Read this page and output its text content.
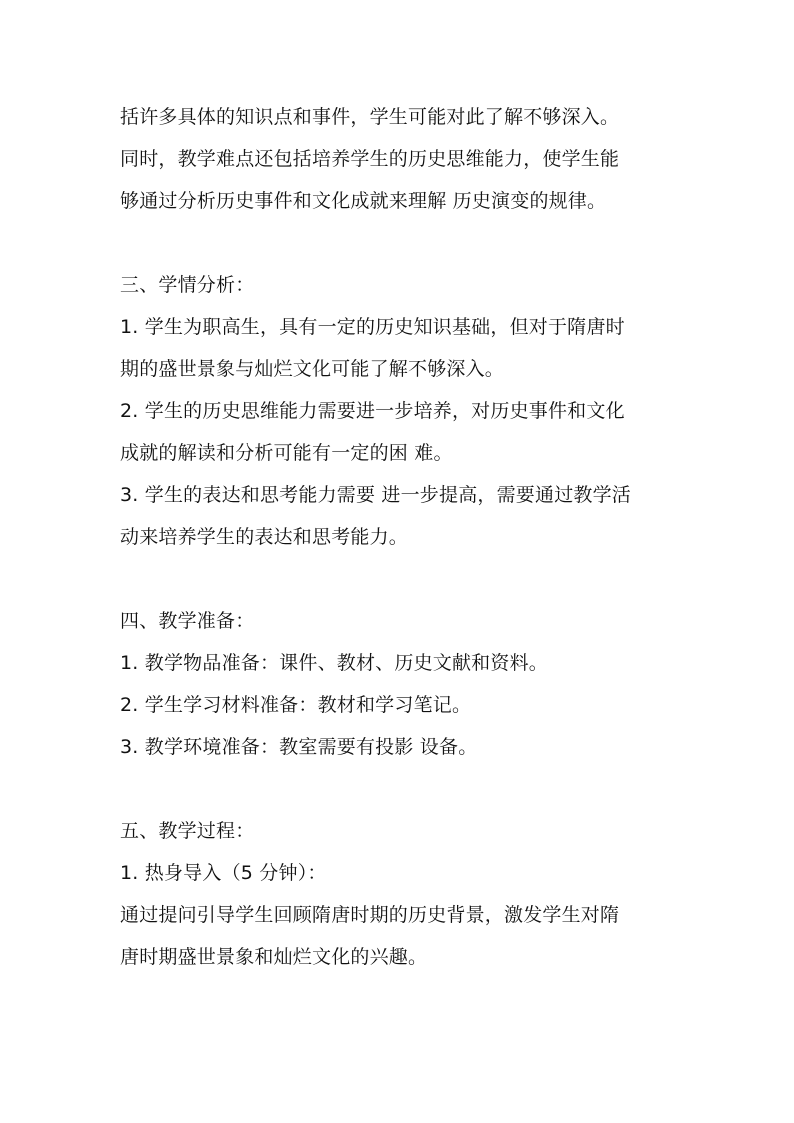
括许多具体的知识点和事件，学生可能对此了解不够深入。
同时，教学难点还包括培养学生的历史思维能力，使学生能
够通过分析历史事件和文化成就来理解 历史演变的规律。
三、学情分析：
1. 学生为职高生，具有一定的历史知识基础，但对于隋唐时
期的盛世景象与灿烂文化可能了解不够深入。
2. 学生的历史思维能力需要进一步培养，对历史事件和文化
成就的解读和分析可能有一定的困 难。
3. 学生的表达和思考能力需要 进一步提高，需要通过教学活
动来培养学生的表达和思考能力。
四、教学准备：
1. 教学物品准备：课件、教材、历史文献和资料。
2. 学生学习材料准备：教材和学习笔记。
3. 教学环境准备：教室需要有投影 设备。
五、教学过程：
1. 热身导入（5 分钟）：
通过提问引导学生回顾隋唐时期的历史背景，激发学生对隋
唐时期盛世景象和灿烂文化的兴趣。
